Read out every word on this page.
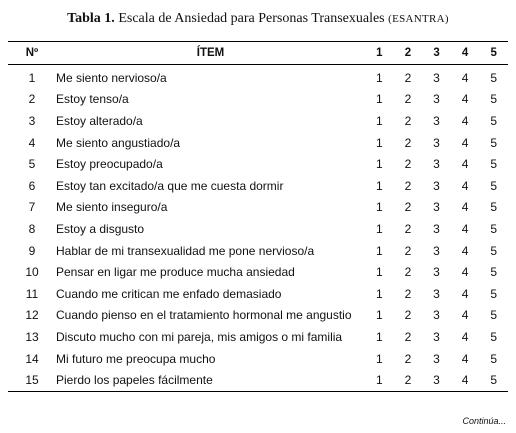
Tabla 1. Escala de Ansiedad para Personas Transexuales (ESANTRA)
Nº	ÍTEM	1	2	3	4	5
1	Me siento nervioso/a	1	2	3	4	5
2	Estoy tenso/a	1	2	3	4	5
3	Estoy alterado/a	1	2	3	4	5
4	Me siento angustiado/a	1	2	3	4	5
5	Estoy preocupado/a	1	2	3	4	5
6	Estoy tan excitado/a que me cuesta dormir	1	2	3	4	5
7	Me siento inseguro/a	1	2	3	4	5
8	Estoy a disgusto	1	2	3	4	5
9	Hablar de mi transexualidad me pone nervioso/a	1	2	3	4	5
10	Pensar en ligar me produce mucha ansiedad	1	2	3	4	5
11	Cuando me critican me enfado demasiado	1	2	3	4	5
12	Cuando pienso en el tratamiento hormonal me angustio	1	2	3	4	5
13	Discuto mucho con mi pareja, mis amigos o mi familia	1	2	3	4	5
14	Mi futuro me preocupa mucho	1	2	3	4	5
15	Pierdo los papeles fácilmente	1	2	3	4	5
Continúa...
